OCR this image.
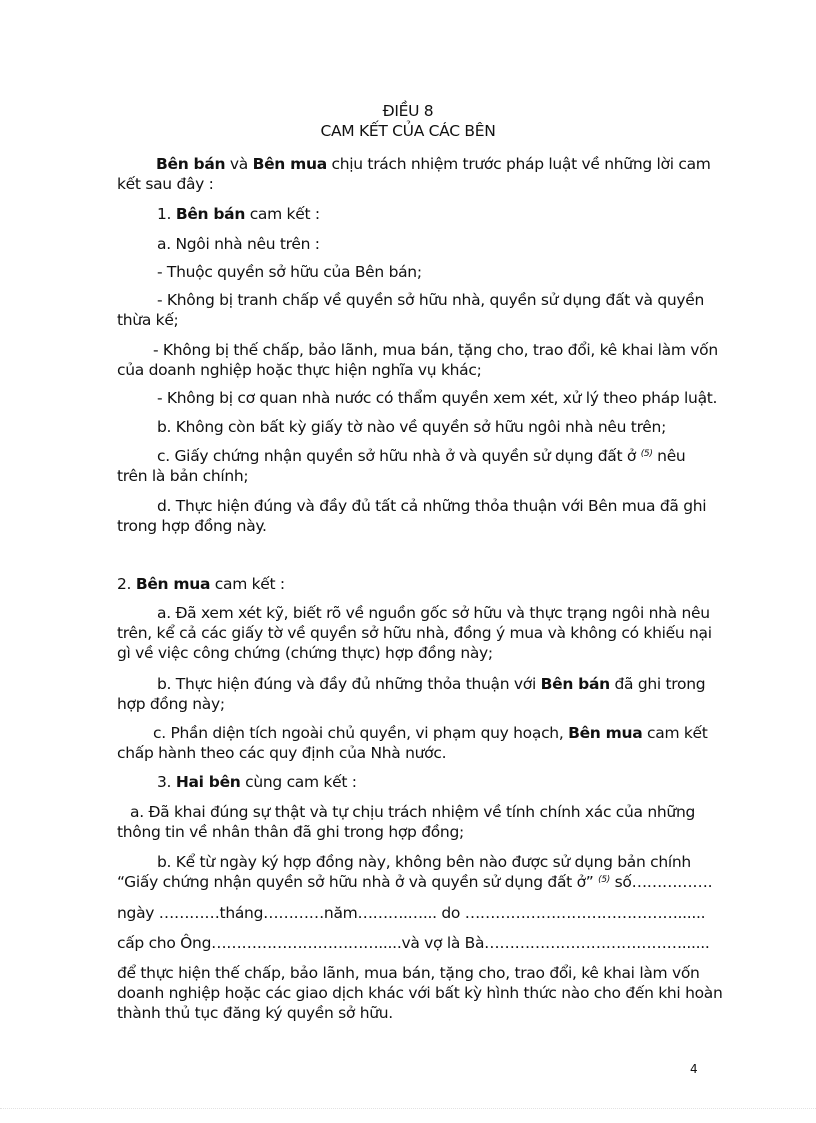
ĐIỀU 8
CAM KẾT CỦA CÁC BÊN
Bên bán và Bên mua chịu trách nhiệm trước pháp luật về những lời cam
kết sau đây :
1. Bên bán cam kết :
a. Ngôi nhà nêu trên :
- Thuộc quyền sở hữu của Bên bán;
- Không bị tranh chấp về quyền sở hữu nhà, quyền sử dụng đất và quyền
thừa kế;
- Không bị thế chấp, bảo lãnh, mua bán, tặng cho, trao đổi, kê khai làm vốn
của doanh nghiệp hoặc thực hiện nghĩa vụ khác;
- Không bị cơ quan nhà nước có thẩm quyền xem xét, xử lý theo pháp luật.
b. Không còn bất kỳ giấy tờ nào về quyền sở hữu ngôi nhà nêu trên;
c. Giấy chứng nhận quyền sở hữu nhà ở và quyền sử dụng đất ở $^{(5)}$ nêu
trên là bản chính;
d. Thực hiện đúng và đầy đủ tất cả những thỏa thuận với Bên mua đã ghi
trong hợp đồng này.
2. Bên mua cam kết :
a. Đã xem xét kỹ, biết rõ về nguồn gốc sở hữu và thực trạng ngôi nhà nêu
trên, kể cả các giấy tờ về quyền sở hữu nhà, đồng ý mua và không có khiếu nại
gì về việc công chứng (chứng thực) hợp đồng này;
b. Thực hiện đúng và đầy đủ những thỏa thuận với Bên bán đã ghi trong
hợp đồng này;
c. Phần diện tích ngoài chủ quyền, vi phạm quy hoạch, Bên mua cam kết
chấp hành theo các quy định của Nhà nước.
3. Hai bên cùng cam kết :
a. Đã khai đúng sự thật và tự chịu trách nhiệm về tính chính xác của những
thông tin về nhân thân đã ghi trong hợp đồng;
b. Kể từ ngày ký hợp đồng này, không bên nào được sử dụng bản chính
“Giấy chứng nhận quyền sở hữu nhà ở và quyền sử dụng đất ở” $^{(5)}$ số…………….
ngày …………tháng…………năm……….…... do ……………………………………......
cấp cho Ông…………………………….....và vợ là Bà…………………………………......
để thực hiện thế chấp, bảo lãnh, mua bán, tặng cho, trao đổi, kê khai làm vốn
doanh nghiệp hoặc các giao dịch khác với bất kỳ hình thức nào cho đến khi hoàn
thành thủ tục đăng ký quyền sở hữu.
4
